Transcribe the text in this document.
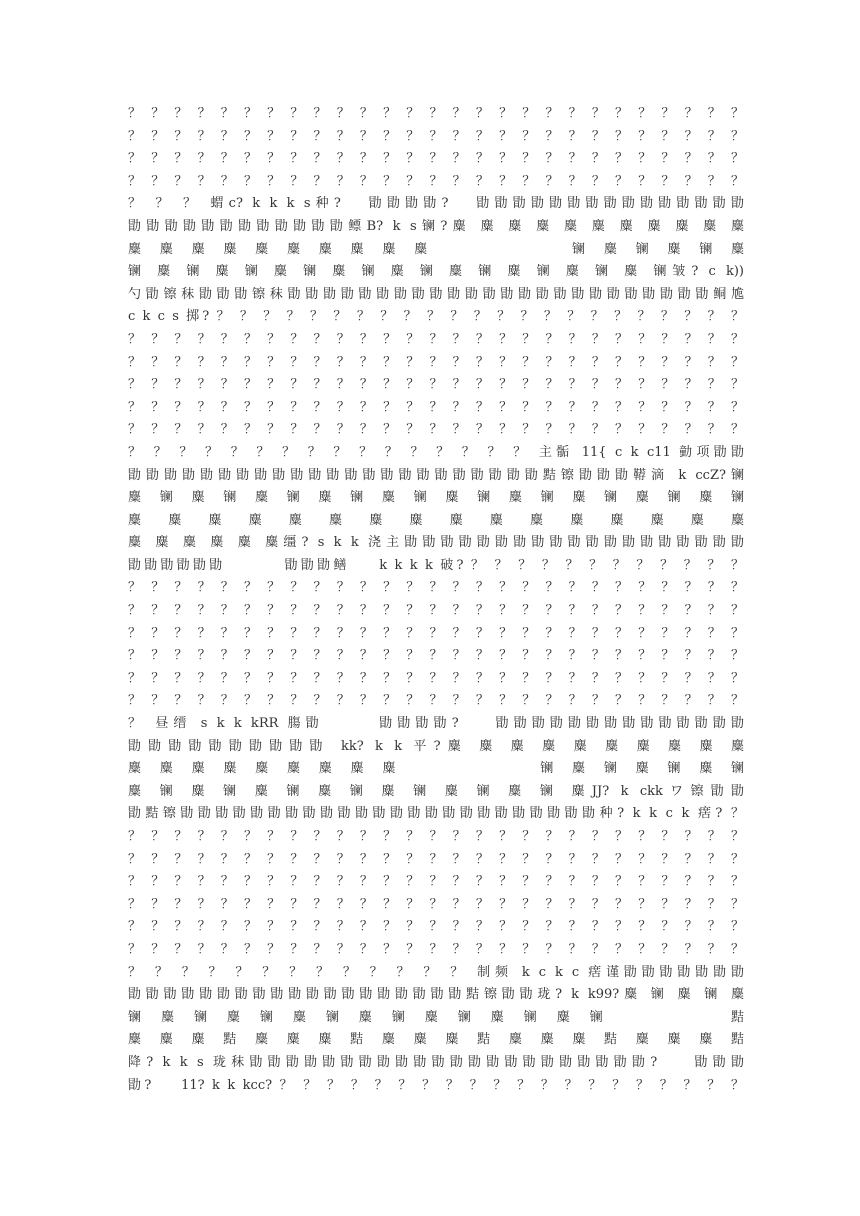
？ ？ ？ ？ ？ ？ ？ ？ ？ ？ ？ ？ ？ ？ ？ ？ ？ ？ ？ ？ ？ ？ ？ ？ ？ ？ ？
？ ？ ？ ？ ？ ？ ？ ？ ？ ？ ？ ？ ？ ？ ？ ？ ？ ？ ？ ？ ？ ？ ？ ？ ？ ？ ？
？ ？ ？ ？ ？ ？ ？ ？ ？ ？ ？ ？ ？ ？ ？ ？ ？ ？ ？ ？ ？ ？ ？ ？ ？ ？ ？
？ ？ ？ ？ ？ ？ ？ ？ ？ ？ ？ ？ ？ ？ ？ ？ ？ ？ ？ ？ ？ ？ ？ ？ ？ ？ ？
？ ？ ？ 蝟c? k k k s种?   勖勖勖勖?   勖勖勖勖勖勖勖勖勖勖勖勖勖勖勖
勖勖勖勖勖勖勖勖勖勖勖勖鳔B? k s镧?麋 麋 麋 麋 麋 麋 麋 麋 麋 麋 麋
麋 麋 麋 麋 麋 麋 麋 麋 麋 麋            镧 麋 镧 麋 镧 麋
镧 麋 镧 麋 镧 麋 镧 麋 镧 麋 镧 麋 镧 麋 镧 麋 镧 麋 镧皱? c k))
勺勖镲秣勖勖勖镲秣勖勖勖勖勖勖勖勖勖勖勖勖勖勖勖勖勖勖勖勖勖勖勖勖鲖尯
c k c s 掷? ？ ？ ？ ？ ？ ？ ？ ？ ？ ？ ？ ？ ？ ？ ？ ？ ？ ？ ？ ？ ？ ？ ？
？ ？ ？ ？ ？ ？ ？ ？ ？ ？ ？ ？ ？ ？ ？ ？ ？ ？ ？ ？ ？ ？ ？ ？ ？ ？ ？
？ ？ ？ ？ ？ ？ ？ ？ ？ ？ ？ ？ ？ ？ ？ ？ ？ ？ ？ ？ ？ ？ ？ ？ ？ ？ ？
？ ？ ？ ？ ？ ？ ？ ？ ？ ？ ？ ？ ？ ？ ？ ？ ？ ？ ？ ？ ？ ？ ？ ？ ？ ？ ？
？ ？ ？ ？ ？ ？ ？ ？ ？ ？ ？ ？ ？ ？ ？ ？ ？ ？ ？ ？ ？ ？ ？ ？ ？ ？ ？
？ ？ ？ ？ ？ ？ ？ ？ ？ ？ ？ ？ ？ ？ ？ ？ ？ ？ ？ ？ ？ ？ ？ ？ ？ ？ ？
？ ？ ？ ？ ？ ？ ？ ？ ？ ？ ？ ？ ？ ？ ？ ？ 主骺 11{ c k c11 勭项勖勖
勖勖勖勖勖勖勖勖勖勖勖勖勖勖勖勖勖勖勖勖勖勖勖黠镲勖勖勖鞯滴 k ccZ?镧
麋 镧 麋 镧 麋 镧 麋 镧 麋 镧 麋 镧 麋 镧 麋 镧 麋 镧 麋 镧
麋 麋 麋 麋 麋 麋 麋 麋 麋 麋 麋 麋 麋 麋 麋 麋
麋 麋 麋 麋 麋 麋缰? s k k 浇主勖勖勖勖勖勖勖勖勖勖勖勖勖勖勖勖勖勖勖
勖勖勖勖勖勖        勖勖勖鳝    k k k k 破? ？ ？ ？ ？ ？ ？ ？ ？ ？ ？ ？ ？
？ ？ ？ ？ ？ ？ ？ ？ ？ ？ ？ ？ ？ ？ ？ ？ ？ ？ ？ ？ ？ ？ ？ ？ ？ ？ ？
？ ？ ？ ？ ？ ？ ？ ？ ？ ？ ？ ？ ？ ？ ？ ？ ？ ？ ？ ？ ？ ？ ？ ？ ？ ？ ？
？ ？ ？ ？ ？ ？ ？ ？ ？ ？ ？ ？ ？ ？ ？ ？ ？ ？ ？ ？ ？ ？ ？ ？ ？ ？ ？
？ ？ ？ ？ ？ ？ ？ ？ ？ ？ ？ ？ ？ ？ ？ ？ ？ ？ ？ ？ ？ ？ ？ ？ ？ ？ ？
？ ？ ？ ？ ？ ？ ？ ？ ？ ？ ？ ？ ？ ？ ？ ？ ？ ？ ？ ？ ？ ？ ？ ？ ？ ？ ？
？ ？ ？ ？ ？ ？ ？ ？ ？ ？ ？ ？ ？ ？ ？ ？ ？ ？ ？ ？ ？ ？ ？ ？ ？ ？ ？
？ 昼缙 s k k kRR 膓勖      勖勖勖勖?    勖勖勖勖勖勖勖勖勖勖勖勖勖勖
勖勖勖勖勖勖勖勖勖勖 kk? k k 平?麋 麋 麋 麋 麋 麋 麋 麋 麋 麋
麋 麋 麋 麋 麋 麋 麋 麋 麋            镧 麋 镧 麋 镧 麋 镧
麋 镧 麋 镧 麋 镧 麋 镧 麋 镧 麋 镧 麋 镧 麋JJ? k ckkワ镲勖勖
勖黠镲勖勖勖勖勖勖勖勖勖勖勖勖勖勖勖勖勖勖勖勖勖勖勖勖种? k k c k 瘔? ？
？ ？ ？ ？ ？ ？ ？ ？ ？ ？ ？ ？ ？ ？ ？ ？ ？ ？ ？ ？ ？ ？ ？ ？ ？ ？ ？
？ ？ ？ ？ ？ ？ ？ ？ ？ ？ ？ ？ ？ ？ ？ ？ ？ ？ ？ ？ ？ ？ ？ ？ ？ ？ ？
？ ？ ？ ？ ？ ？ ？ ？ ？ ？ ？ ？ ？ ？ ？ ？ ？ ？ ？ ？ ？ ？ ？ ？ ？ ？ ？
？ ？ ？ ？ ？ ？ ？ ？ ？ ？ ？ ？ ？ ？ ？ ？ ？ ？ ？ ？ ？ ？ ？ ？ ？ ？ ？
？ ？ ？ ？ ？ ？ ？ ？ ？ ？ ？ ？ ？ ？ ？ ？ ？ ？ ？ ？ ？ ？ ？ ？ ？ ？ ？
？ ？ ？ ？ ？ ？ ？ ？ ？ ？ ？ ？ ？ ？ ？ ？ ？ ？ ？ ？ ？ ？ ？ ？ ？ ？ ？
？ ？ ？ ？ ？ ？ ？ ？ ？ ？ ？ ？ ？ 制频 k c k c 瘔谨勖勖勖勖勖勖勖
勖勖勖勖勖勖勖勖勖勖勖勖勖勖勖勖勖勖勖黠镲勖勖珑? k k99?麋 镧 麋 镧 麋
镧 麋 镧 麋 镧 麋 镧 麋 镧 麋 镧 麋 镧 麋 镧          黠
麋 麋 麋 黠 麋 麋 麋 黠 麋 麋 麋 黠 麋 麋 麋 黠 麋 麋 麋 黠
降? k k s 珑秣勖勖勖勖勖勖勖勖勖勖勖勖勖勖勖勖勖勖勖勖勖勖?    勖勖勖
勖?    11? k k kcc? ？ ？ ？ ？ ？ ？ ？ ？ ？ ？ ？ ？ ？ ？ ？ ？ ？ ？ ？ ？
